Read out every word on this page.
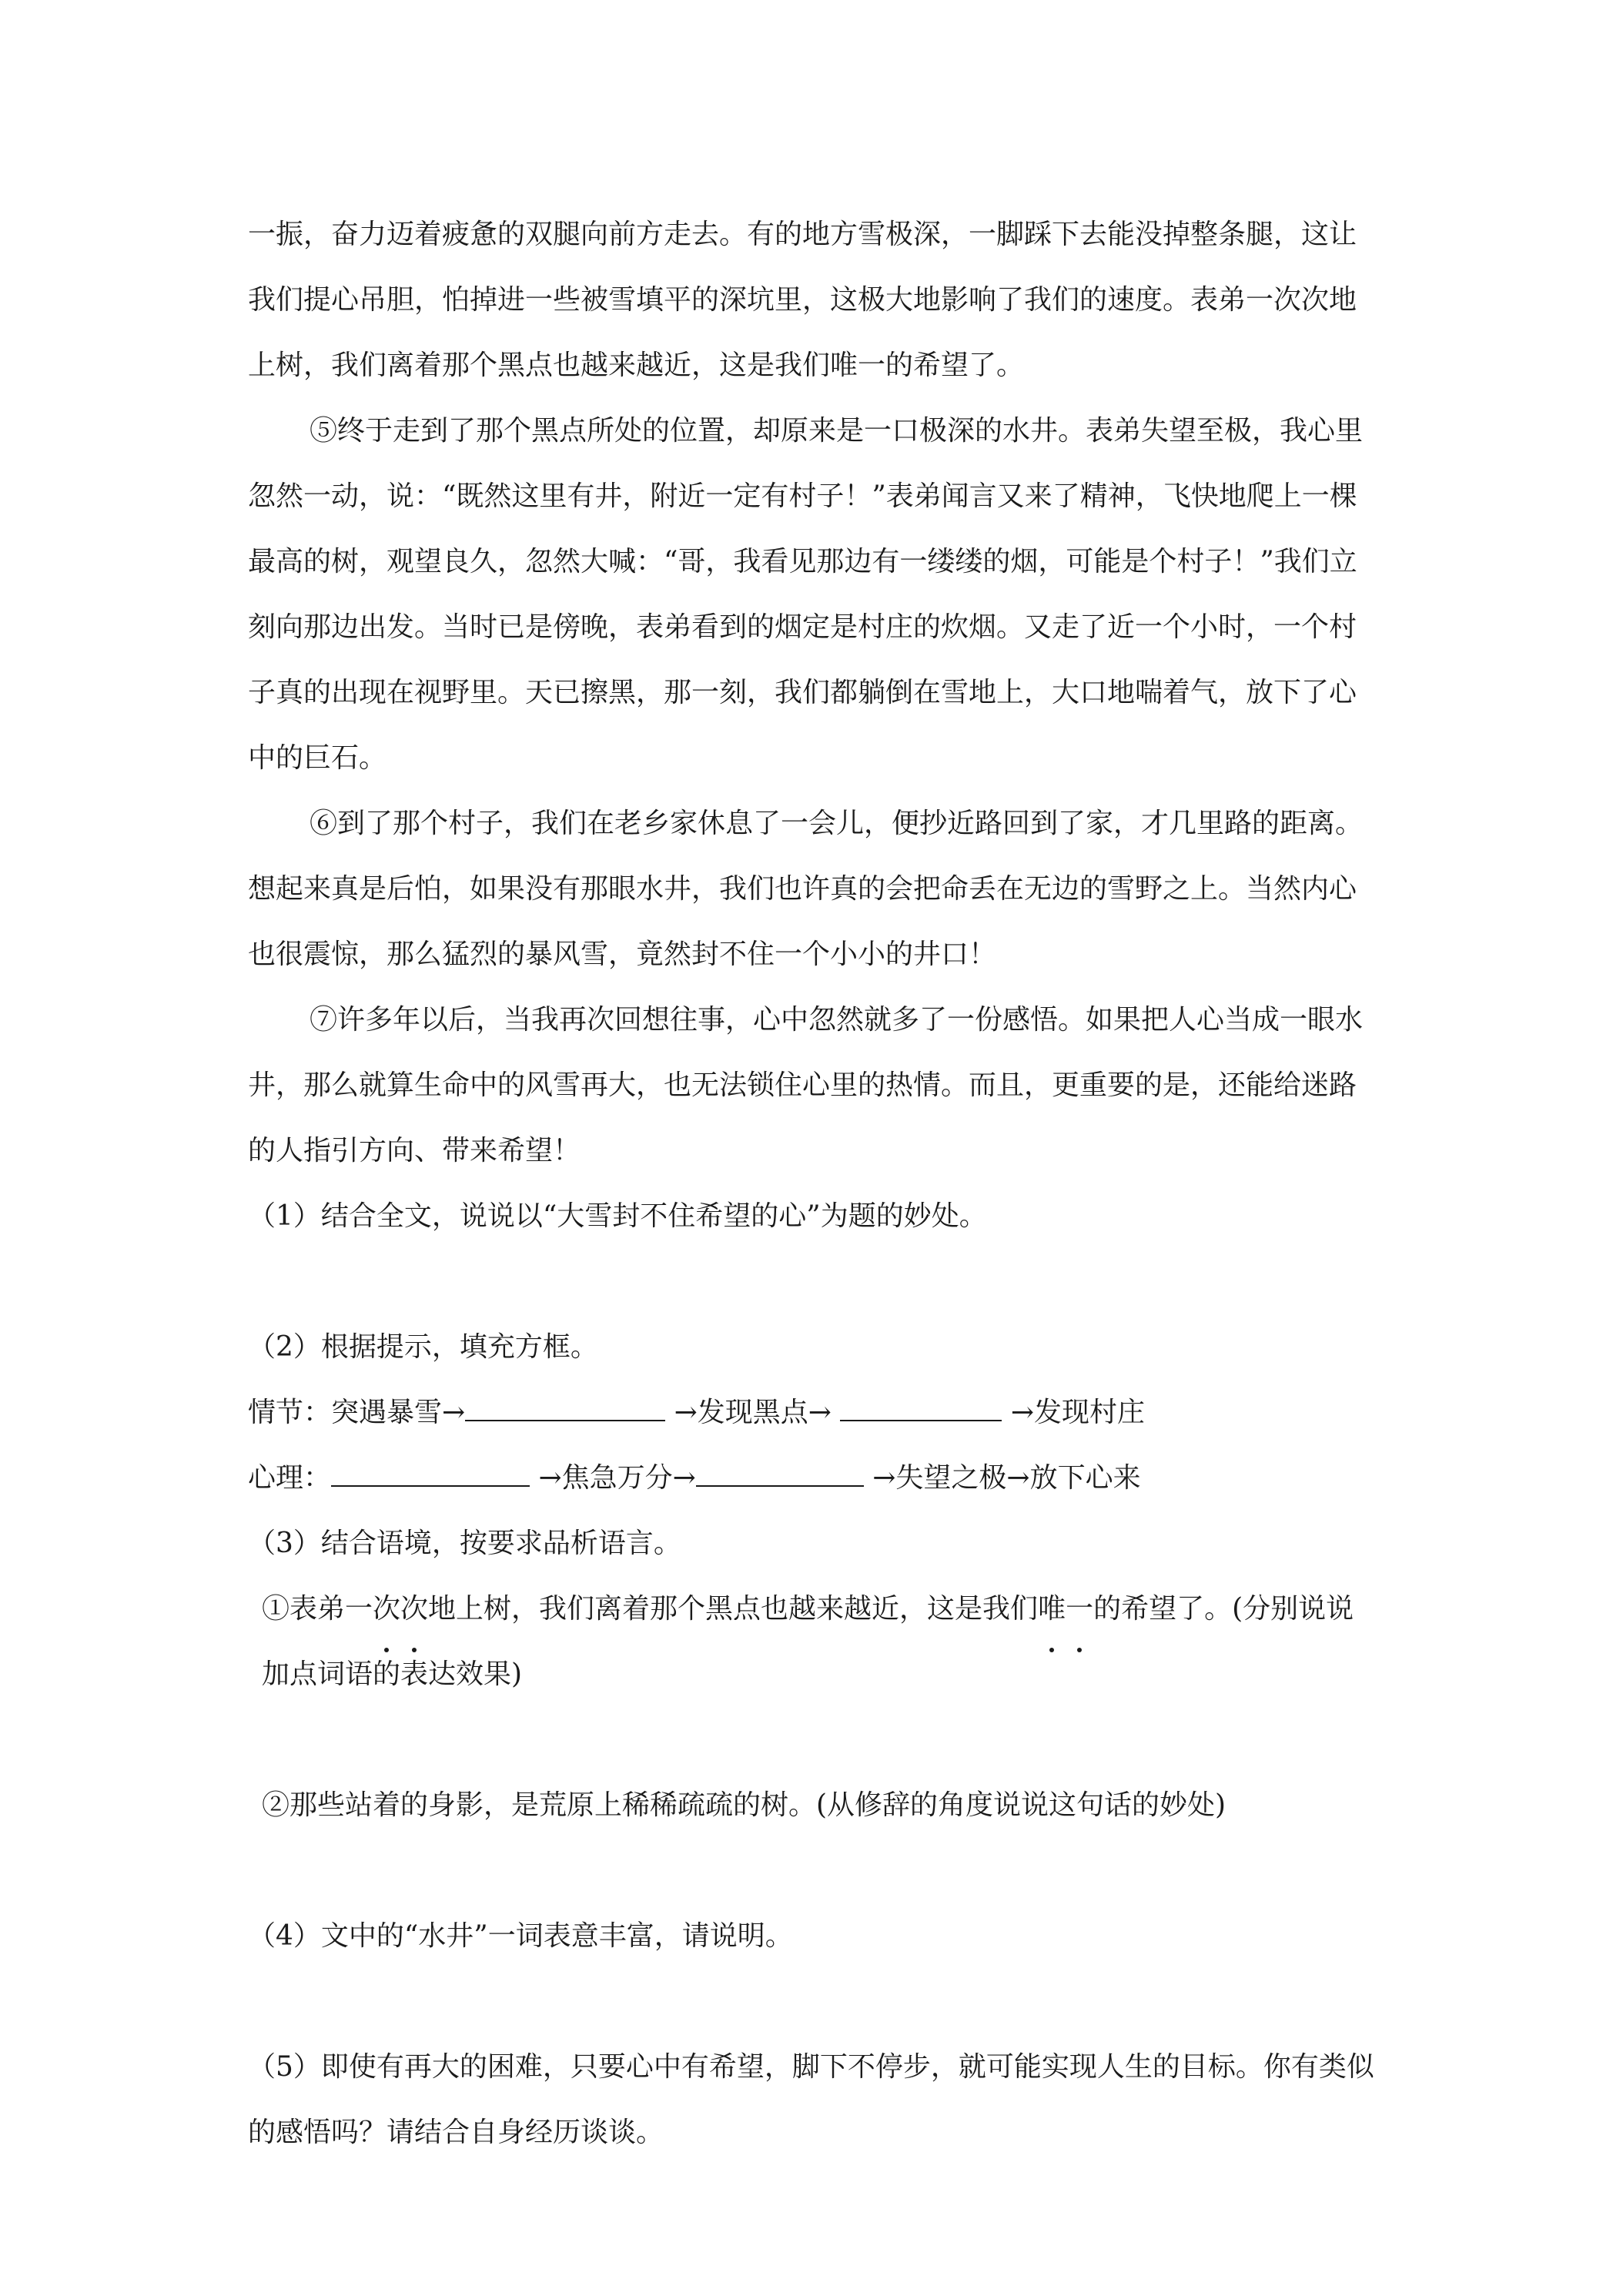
一振，奋力迈着疲惫的双腿向前方走去。有的地方雪极深，一脚踩下去能没掉整条腿，这让我们提心吊胆，怕掉进一些被雪填平的深坑里，这极大地影响了我们的速度。表弟一次次地上树，我们离着那个黑点也越来越近，这是我们唯一的希望了。

⑤终于走到了那个黑点所处的位置，却原来是一口极深的水井。表弟失望至极，我心里忽然一动，说：“既然这里有井，附近一定有村子！”表弟闻言又来了精神，飞快地爬上一棵最高的树，观望良久，忽然大喊：“哥，我看见那边有一缕缕的烟，可能是个村子！”我们立刻向那边出发。当时已是傍晚，表弟看到的烟定是村庄的炊烟。又走了近一个小时，一个村子真的出现在视野里。天已擦黑，那一刻，我们都躺倒在雪地上，大口地喘着气，放下了心中的巨石。

⑥到了那个村子，我们在老乡家休息了一会儿，便抄近路回到了家，才几里路的距离。想起来真是后怕，如果没有那眼水井，我们也许真的会把命丢在无边的雪野之上。当然内心也很震惊，那么猛烈的暴风雪，竟然封不住一个小小的井口！

⑦许多年以后，当我再次回想往事，心中忽然就多了一份感悟。如果把人心当成一眼水井，那么就算生命中的风雪再大，也无法锁住心里的热情。而且，更重要的是，还能给迷路的人指引方向、带来希望！

（1）结合全文，说说以“大雪封不住希望的心”为题的妙处。

（2）根据提示，填充方框。

情节：突遇暴雪→	→发现黑点→	→发现村庄

心理：	→焦急万分→	→失望之极→放下心来

（3）结合语境，按要求品析语言。

①表弟一次次地上树，我们离着那个黑点也越来越近，这是我们唯一的希望了。(分别说说加点词语的表达效果)

②那些站着的身影，是荒原上稀稀疏疏的树。(从修辞的角度说说这句话的妙处)

（4）文中的“水井”一词表意丰富，请说明。

（5）即使有再大的困难，只要心中有希望，脚下不停步，就可能实现人生的目标。你有类似的感悟吗？请结合自身经历谈谈。
